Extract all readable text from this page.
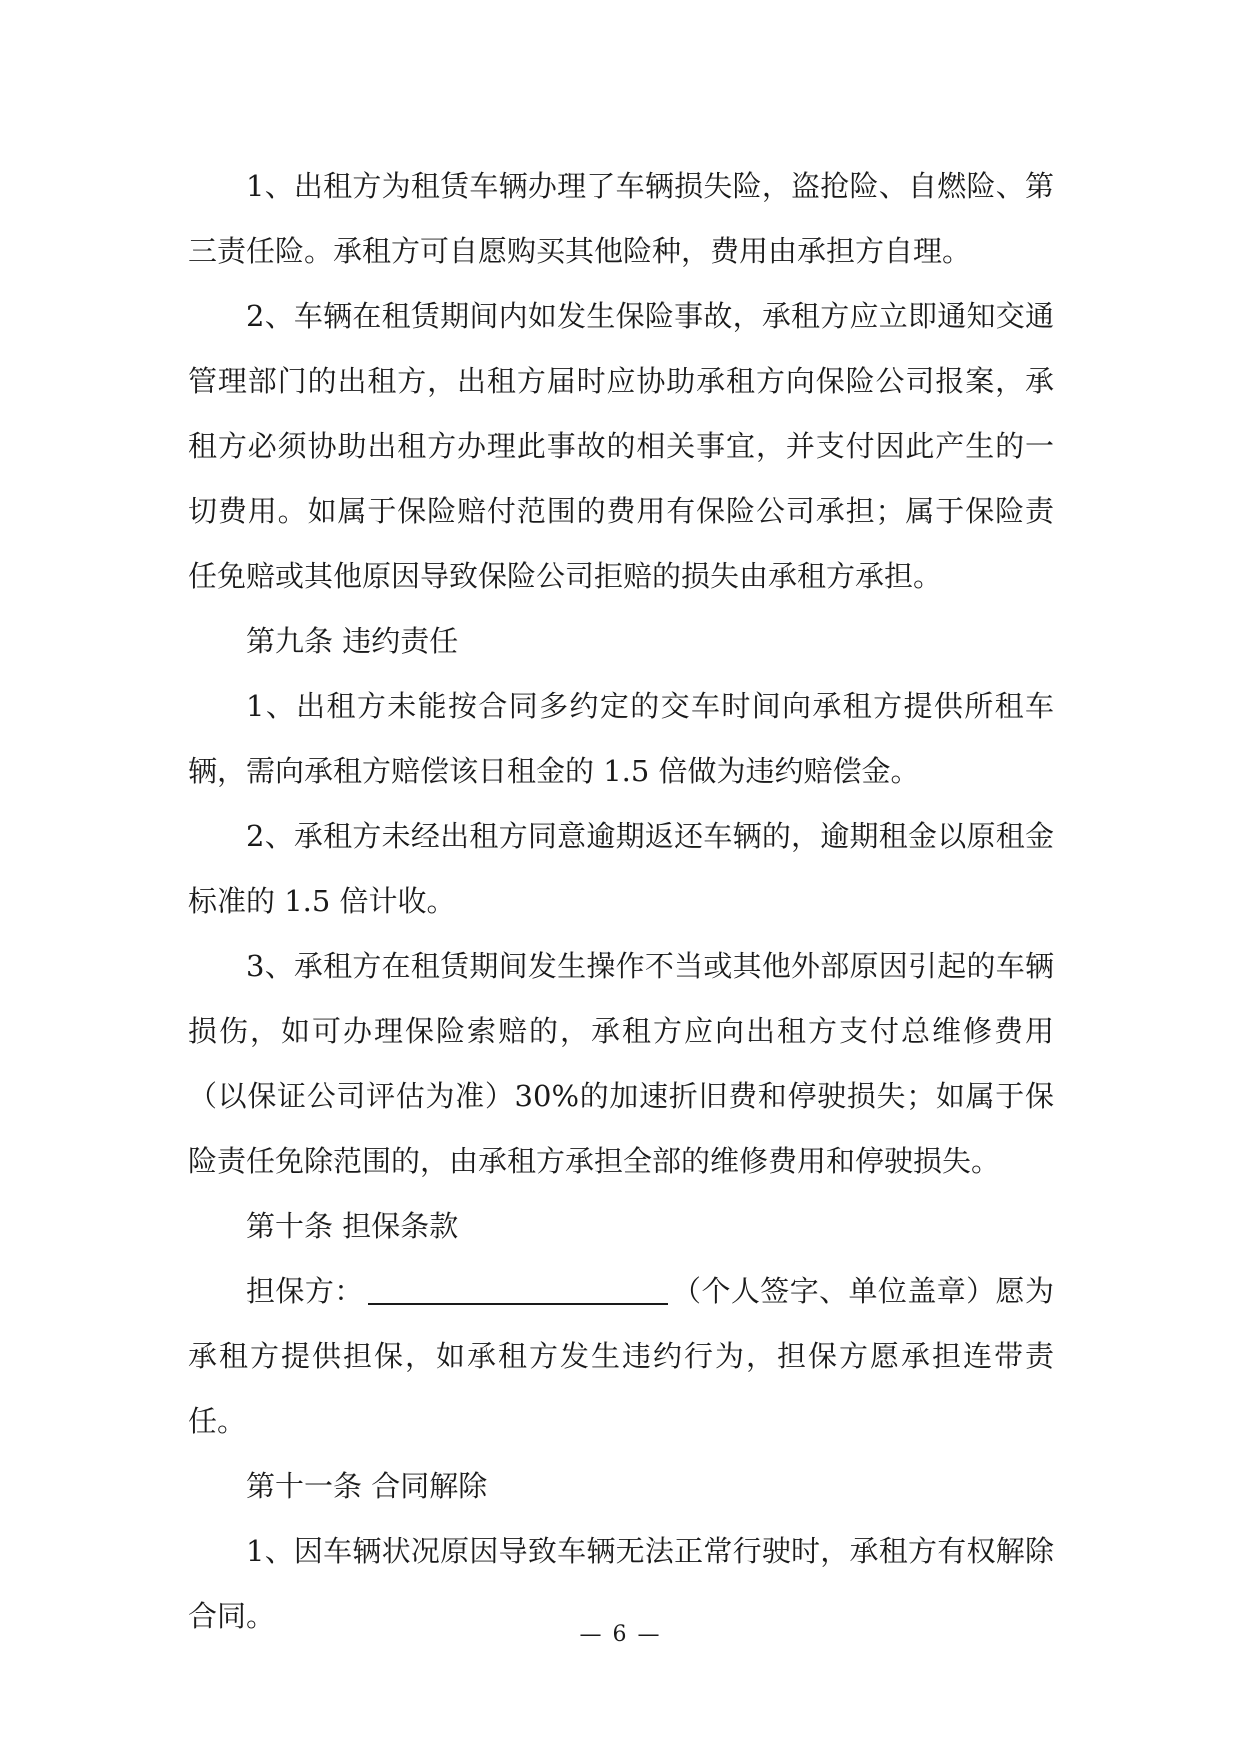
1、出租方为租赁车辆办理了车辆损失险，盗抢险、自燃险、第三责任险。承租方可自愿购买其他险种，费用由承担方自理。

2、车辆在租赁期间内如发生保险事故，承租方应立即通知交通管理部门的出租方，出租方届时应协助承租方向保险公司报案，承租方必须协助出租方办理此事故的相关事宜，并支付因此产生的一切费用。如属于保险赔付范围的费用有保险公司承担；属于保险责任免赔或其他原因导致保险公司拒赔的损失由承租方承担。

第九条 违约责任

1、出租方未能按合同多约定的交车时间向承租方提供所租车辆，需向承租方赔偿该日租金的 1.5 倍做为违约赔偿金。

2、承租方未经出租方同意逾期返还车辆的，逾期租金以原租金标准的 1.5 倍计收。

3、承租方在租赁期间发生操作不当或其他外部原因引起的车辆损伤，如可办理保险索赔的，承租方应向出租方支付总维修费用（以保证公司评估为准）30%的加速折旧费和停驶损失；如属于保险责任免除范围的，由承租方承担全部的维修费用和停驶损失。

第十条 担保条款

担保方：	（个人签字、单位盖章）愿为承租方提供担保，如承租方发生违约行为，担保方愿承担连带责任。

第十一条 合同解除

1、因车辆状况原因导致车辆无法正常行驶时，承租方有权解除合同。

— 6 —
